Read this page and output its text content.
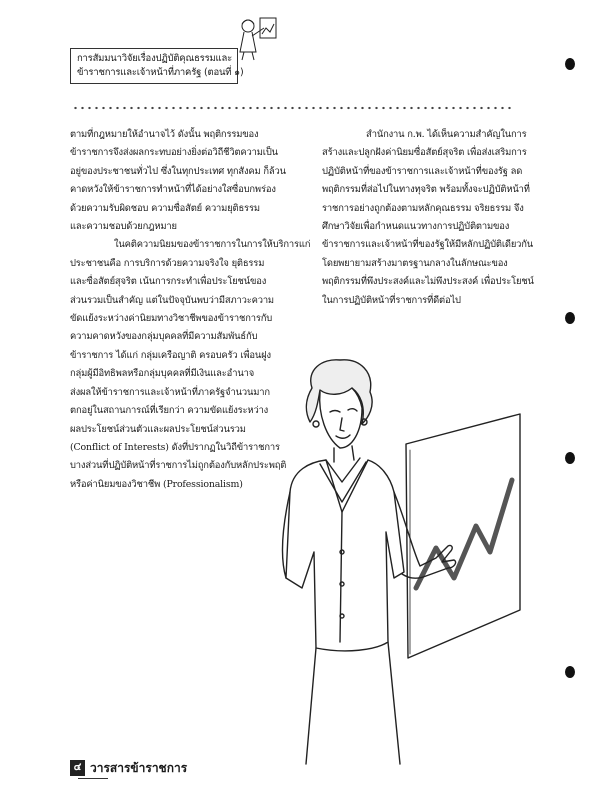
การสัมมนาวิจัยเรื่องปฏิบัติคุณธรรมและ
ข้าราชการและเจ้าหน้าที่ภาครัฐ (ตอนที่ ๑)

ตามที่กฎหมายให้อำนาจไว้ ดังนั้น พฤติกรรมของ
ข้าราชการจึงส่งผลกระทบอย่างยิ่งต่อวิถีชีวิตความเป็น
อยู่ของประชาชนทั่วไป ซึ่งในทุกประเทศ ทุกสังคม ก็ล้วน
คาดหวังให้ข้าราชการทำหน้าที่ได้อย่างใสซื่อบกพร่อง
ด้วยความรับผิดชอบ ความซื่อสัตย์ ความยุติธรรม
และความชอบด้วยกฎหมาย

ในคติความนิยมของข้าราชการในการให้บริการแก่
ประชาชนคือ การบริการด้วยความจริงใจ ยุติธรรม
และซื่อสัตย์สุจริต เน้นการกระทำเพื่อประโยชน์ของ
ส่วนรวมเป็นสำคัญ แต่ในปัจจุบันพบว่ามีสภาวะความ
ขัดแย้งระหว่างค่านิยมทางวิชาชีพของข้าราชการกับ
ความคาดหวังของกลุ่มบุคคลที่มีความสัมพันธ์กับ
ข้าราชการ ได้แก่ กลุ่มเครือญาติ ครอบครัว เพื่อนฝูง
กลุ่มผู้มีอิทธิพลหรือกลุ่มบุคคลที่มีเงินและอำนาจ
ส่งผลให้ข้าราชการและเจ้าหน้าที่ภาครัฐจำนวนมาก
ตกอยู่ในสถานการณ์ที่เรียกว่า ความขัดแย้งระหว่าง
ผลประโยชน์ส่วนตัวและผลประโยชน์ส่วนรวม
(Conflict of Interests) ดังที่ปรากฏในวิถีข้าราชการ
บางส่วนที่ปฏิบัติหน้าที่ราชการไม่ถูกต้องกับหลักประพฤติ
หรือค่านิยมของวิชาชีพ (Professionalism)

สำนักงาน ก.พ. ได้เห็นความสำคัญในการ
สร้างและปลูกฝังค่านิยมซื่อสัตย์สุจริต เพื่อส่งเสริมการ
ปฏิบัติหน้าที่ของข้าราชการและเจ้าหน้าที่ของรัฐ ลด
พฤติกรรมที่ส่อไปในทางทุจริต พร้อมทั้งจะปฏิบัติหน้าที่
ราชการอย่างถูกต้องตามหลักคุณธรรม จริยธรรม จึง
ศึกษาวิจัยเพื่อกำหนดแนวทางการปฏิบัติตามของ
ข้าราชการและเจ้าหน้าที่ของรัฐให้มีหลักปฏิบัติเดียวกัน
โดยพยายามสร้างมาตรฐานกลางในลักษณะของ
พฤติกรรมที่พึงประสงค์และไม่พึงประสงค์ เพื่อประโยชน์
ในการปฏิบัติหน้าที่ราชการที่ดีต่อไป

๔ วารสารข้าราชการ
